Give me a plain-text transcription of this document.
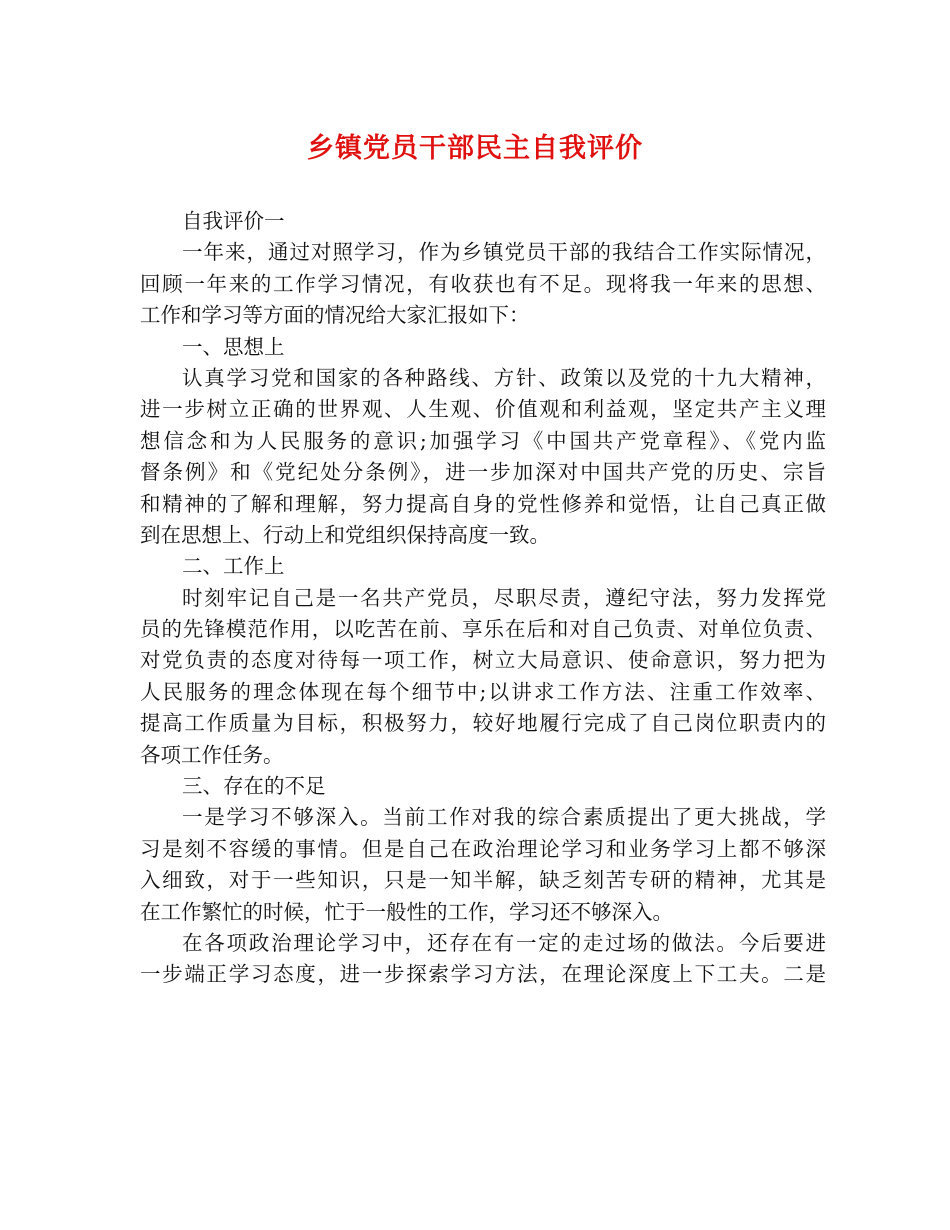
乡镇党员干部民主自我评价
自我评价一
一年来，通过对照学习，作为乡镇党员干部的我结合工作实际情况，
回顾一年来的工作学习情况，有收获也有不足。现将我一年来的思想、
工作和学习等方面的情况给大家汇报如下：
一、思想上
认真学习党和国家的各种路线、方针、政策以及党的十九大精神，
进一步树立正确的世界观、人生观、价值观和利益观，坚定共产主义理
想信念和为人民服务的意识;加强学习《中国共产党章程》、《党内监
督条例》和《党纪处分条例》，进一步加深对中国共产党的历史、宗旨
和精神的了解和理解，努力提高自身的党性修养和觉悟，让自己真正做
到在思想上、行动上和党组织保持高度一致。
二、工作上
时刻牢记自己是一名共产党员，尽职尽责，遵纪守法，努力发挥党
员的先锋模范作用，以吃苦在前、享乐在后和对自己负责、对单位负责、
对党负责的态度对待每一项工作，树立大局意识、使命意识，努力把为
人民服务的理念体现在每个细节中;以讲求工作方法、注重工作效率、
提高工作质量为目标，积极努力，较好地履行完成了自己岗位职责内的
各项工作任务。
三、存在的不足
一是学习不够深入。当前工作对我的综合素质提出了更大挑战，学
习是刻不容缓的事情。但是自己在政治理论学习和业务学习上都不够深
入细致，对于一些知识，只是一知半解，缺乏刻苦专研的精神，尤其是
在工作繁忙的时候，忙于一般性的工作，学习还不够深入。
在各项政治理论学习中，还存在有一定的走过场的做法。今后要进
一步端正学习态度，进一步探索学习方法，在理论深度上下工夫。二是
